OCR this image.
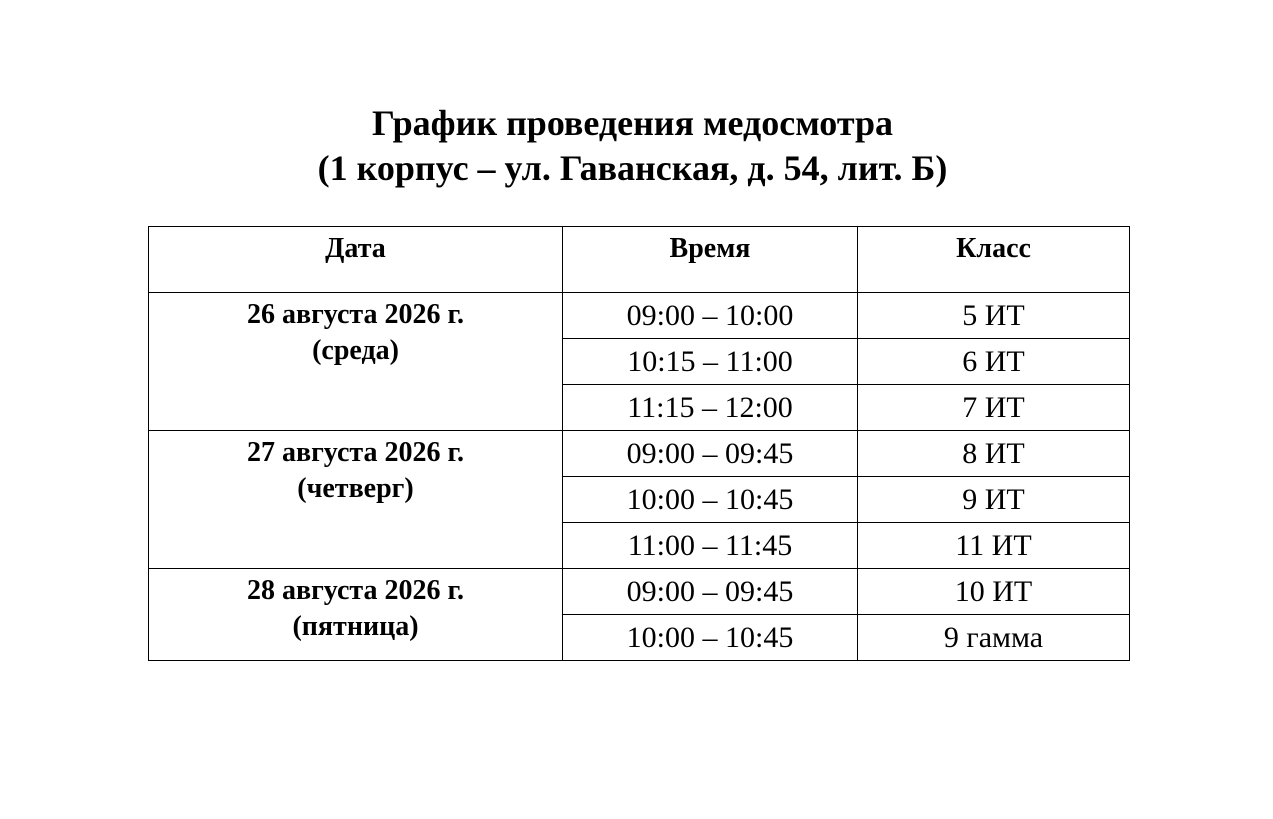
График проведения медосмотра
(1 корпус – ул. Гаванская, д. 54, лит. Б)
Дата	Время	Класс

26 августа 2026 г.
(среда)	09:00 – 10:00	5 ИТ
	10:15 – 11:00	6 ИТ
	11:15 – 12:00	7 ИТ

27 августа 2026 г.
(четверг)	09:00 – 09:45	8 ИТ
	10:00 – 10:45	9 ИТ
	11:00 – 11:45	11 ИТ

28 августа 2026 г.
(пятница)	09:00 – 09:45	10 ИТ
	10:00 – 10:45	9 гамма
